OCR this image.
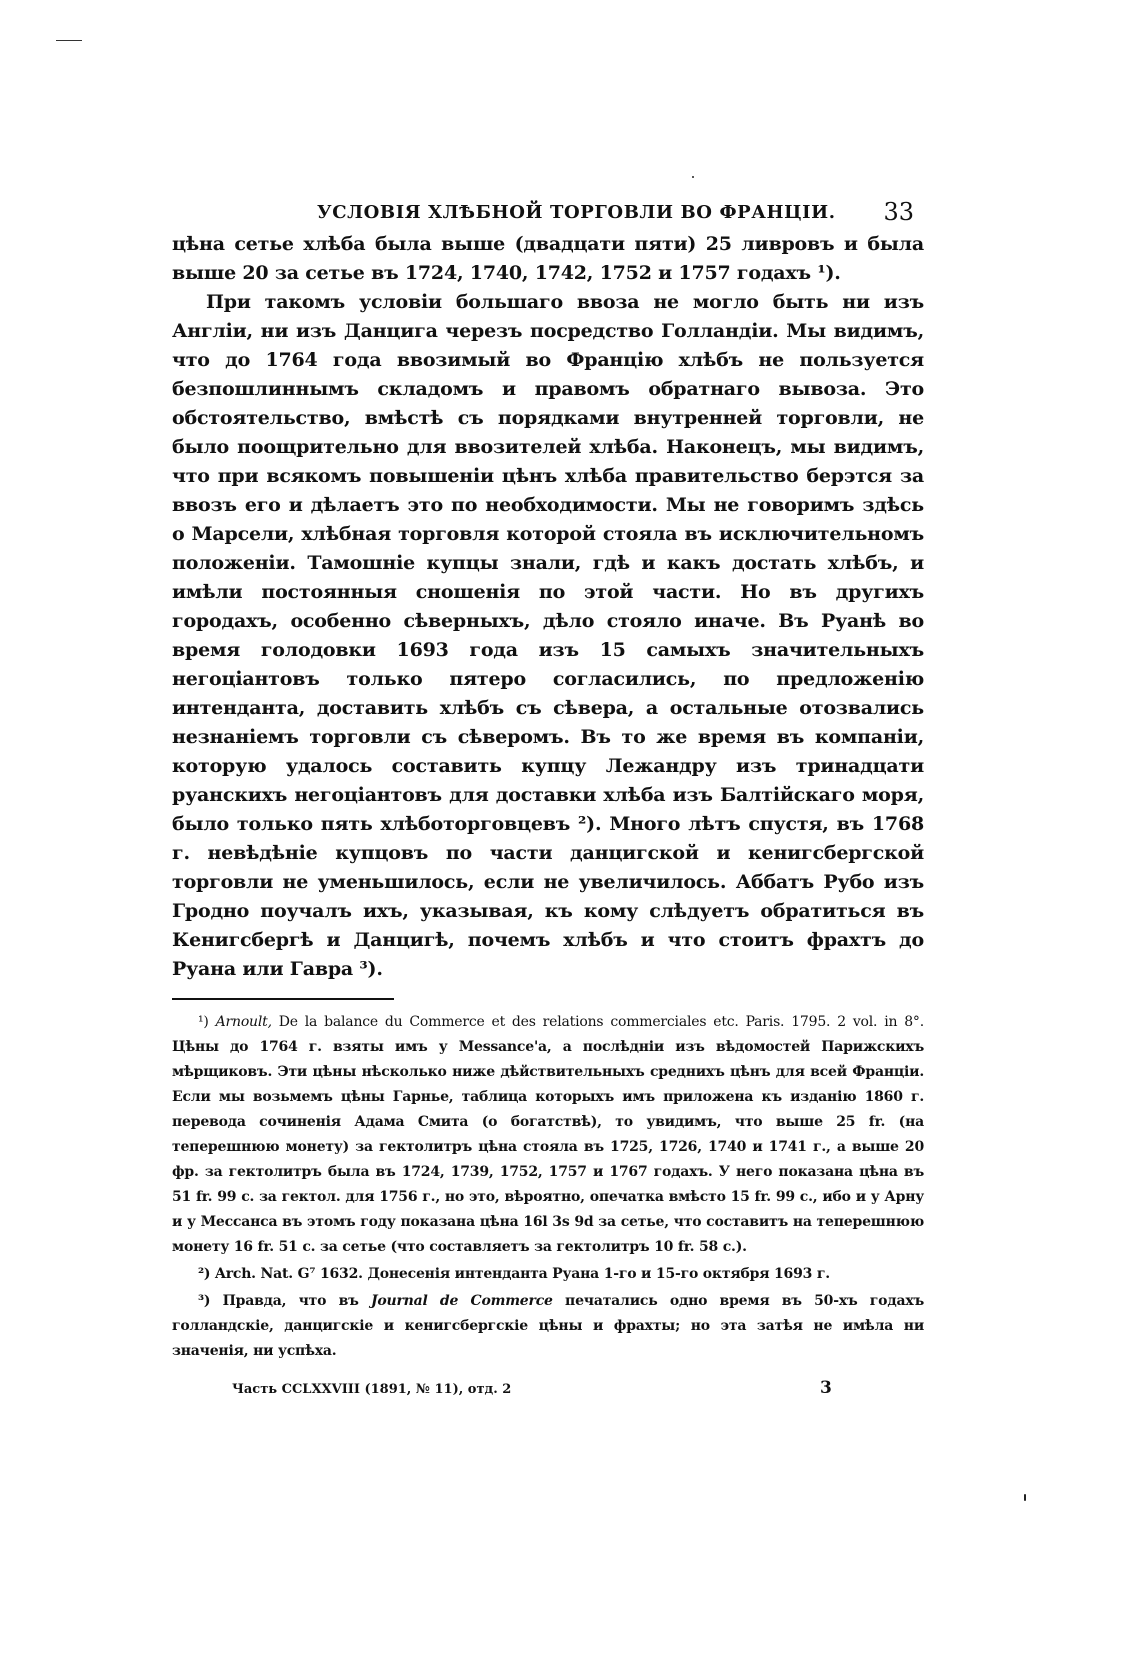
УСЛОВІЯ ХЛѢБНОЙ ТОРГОВЛИ ВО ФРАНЦІИ. 33

цѣна сетье хлѣба была выше (двадцати пяти) 25 ливровъ и была выше 20 за сетье въ 1724, 1740, 1742, 1752 и 1757 годахъ ¹).

При такомъ условіи большаго ввоза не могло быть ни изъ Англіи, ни изъ Данцига черезъ посредство Голландіи. Мы видимъ, что до 1764 года ввозимый во Францію хлѣбъ не пользуется безпошлиннымъ складомъ и правомъ обратнаго вывоза. Это обстоятельство, вмѣстѣ съ порядками внутренней торговли, не было поощрительно для ввозителей хлѣба. Наконецъ, мы видимъ, что при всякомъ повышеніи цѣнъ хлѣба правительство берэтся за ввозъ его и дѣлаетъ это по необходимости. Мы не говоримъ здѣсь о Марсели, хлѣбная торговля которой стояла въ исключительномъ положеніи. Тамошніе купцы знали, гдѣ и какъ достать хлѣбъ, и имѣли постоянныя сношенія по этой части. Но въ другихъ городахъ, особенно сѣверныхъ, дѣло стояло иначе. Въ Руанѣ во время голодовки 1693 года изъ 15 самыхъ значительныхъ негоціантовъ только пятеро согласились, по предложенію интенданта, доставить хлѣбъ съ сѣвера, а остальные отозвались незнаніемъ торговли съ сѣверомъ. Въ то же время въ компаніи, которую удалось составить купцу Лежандру изъ тринадцати руанскихъ негоціантовъ для доставки хлѣба изъ Балтійскаго моря, было только пять хлѣботорговцевъ ²). Много лѣтъ спустя, въ 1768 г. невѣдѣніе купцовъ по части данцигской и кенигсбергской торговли не уменьшилось, если не увеличилось. Аббатъ Рубо изъ Гродно поучалъ ихъ, указывая, къ кому слѣдуетъ обратиться въ Кенигсбергѣ и Данцигѣ, почемъ хлѣбъ и что стоитъ фрахтъ до Руана или Гавра ³).

¹) Arnoult, De la balance du Commerce et des relations commerciales etc. Paris. 1795. 2 vol. in 8°. Цѣны до 1764 г. взяты имъ у Messance'a, а послѣдніи изъ вѣдомостей Парижскихъ мѣрщиковъ. Эти цѣны нѣсколько ниже дѣйствительныхъ среднихъ цѣнъ для всей Франціи. Если мы возьмемъ цѣны Гарнье, таблица которыхъ имъ приложена къ изданію 1860 г. перевода сочиненія Адама Смита (о богатствѣ), то увидимъ, что выше 25 fr. (на теперешнюю монету) за гектолитръ цѣна стояла въ 1725, 1726, 1740 и 1741 г., а выше 20 фр. за гектолитръ была въ 1724, 1739, 1752, 1757 и 1767 годахъ. У него показана цѣна въ 51 fr. 99 c. за гектол. для 1756 г., но это, вѣроятно, опечатка вмѣсто 15 fr. 99 c., ибо и у Арну и у Мессанса въ этомъ году показана цѣна 16l 3s 9d за сетье, что составитъ на теперешнюю монету 16 fr. 51 c. за сетье (что составляетъ за гектолитръ 10 fr. 58 c.).

²) Arch. Nat. G⁷ 1632. Донесенія интенданта Руана 1-го и 15-го октября 1693 г.

³) Правда, что въ Journal de Commerce печатались одно время въ 50-хъ годахъ голландскіе, данцигскіе и кенигсбергскіе цѣны и фрахты; но эта затѣя не имѣла ни значенія, ни успѣха.

Часть CCLXXVIII (1891, № 11), отд. 2	3
